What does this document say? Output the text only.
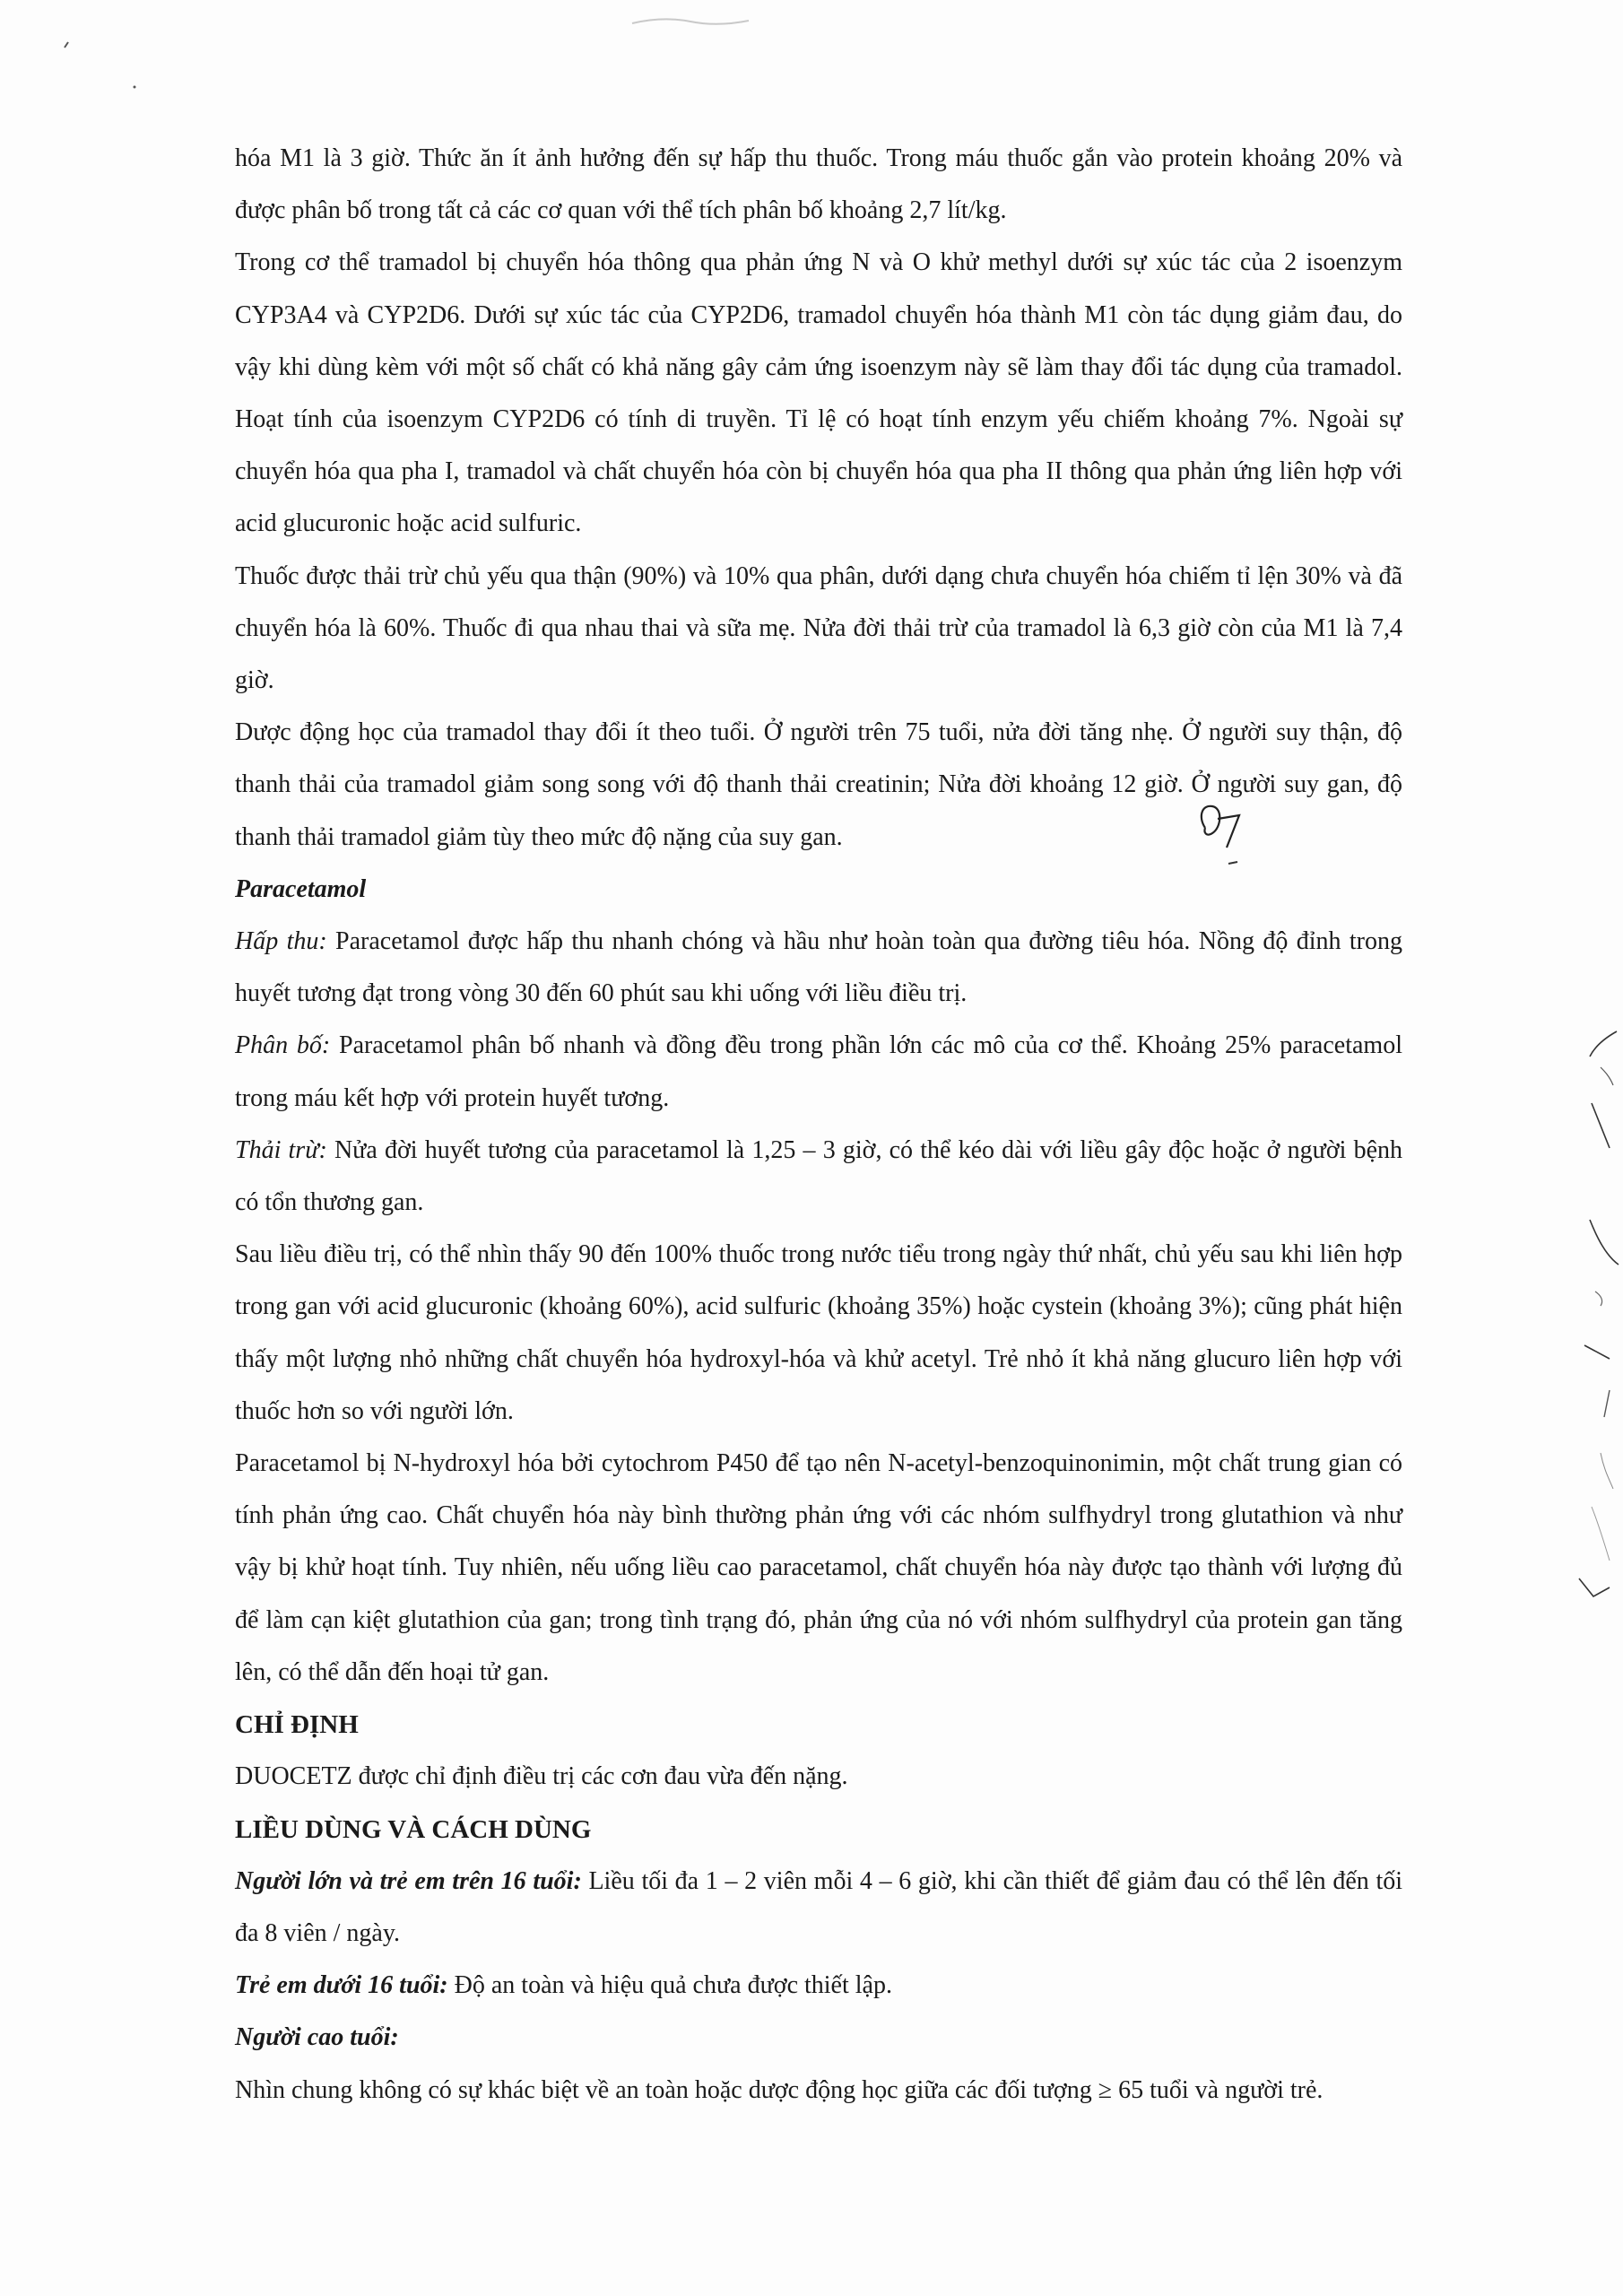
hóa M1 là 3 giờ. Thức ăn ít ảnh hưởng đến sự hấp thu thuốc. Trong máu thuốc gắn vào protein khoảng 20% và được phân bố trong tất cả các cơ quan với thể tích phân bố khoảng 2,7 lít/kg.

Trong cơ thể tramadol bị chuyển hóa thông qua phản ứng N và O khử methyl dưới sự xúc tác của 2 isoenzym CYP3A4 và CYP2D6. Dưới sự xúc tác của CYP2D6, tramadol chuyển hóa thành M1 còn tác dụng giảm đau, do vậy khi dùng kèm với một số chất có khả năng gây cảm ứng isoenzym này sẽ làm thay đổi tác dụng của tramadol. Hoạt tính của isoenzym CYP2D6 có tính di truyền. Tỉ lệ có hoạt tính enzym yếu chiếm khoảng 7%. Ngoài sự chuyển hóa qua pha I, tramadol và chất chuyển hóa còn bị chuyển hóa qua pha II thông qua phản ứng liên hợp với acid glucuronic hoặc acid sulfuric.

Thuốc được thải trừ chủ yếu qua thận (90%) và 10% qua phân, dưới dạng chưa chuyển hóa chiếm tỉ lện 30% và đã chuyển hóa là 60%. Thuốc đi qua nhau thai và sữa mẹ. Nửa đời thải trừ của tramadol là 6,3 giờ còn của M1 là 7,4 giờ.

Dược động học của tramadol thay đổi ít theo tuổi. Ở người trên 75 tuổi, nửa đời tăng nhẹ. Ở người suy thận, độ thanh thải của tramadol giảm song song với độ thanh thải creatinin; Nửa đời khoảng 12 giờ. Ở người suy gan, độ thanh thải tramadol giảm tùy theo mức độ nặng của suy gan.

Paracetamol

Hấp thu: Paracetamol được hấp thu nhanh chóng và hầu như hoàn toàn qua đường tiêu hóa. Nồng độ đỉnh trong huyết tương đạt trong vòng 30 đến 60 phút sau khi uống với liều điều trị.

Phân bố: Paracetamol phân bố nhanh và đồng đều trong phần lớn các mô của cơ thể. Khoảng 25% paracetamol trong máu kết hợp với protein huyết tương.

Thải trừ: Nửa đời huyết tương của paracetamol là 1,25 – 3 giờ, có thể kéo dài với liều gây độc hoặc ở người bệnh có tổn thương gan.

Sau liều điều trị, có thể nhìn thấy 90 đến 100% thuốc trong nước tiểu trong ngày thứ nhất, chủ yếu sau khi liên hợp trong gan với acid glucuronic (khoảng 60%), acid sulfuric (khoảng 35%) hoặc cystein (khoảng 3%); cũng phát hiện thấy một lượng nhỏ những chất chuyển hóa hydroxyl-hóa và khử acetyl. Trẻ nhỏ ít khả năng glucuro liên hợp với thuốc hơn so với người lớn.

Paracetamol bị N-hydroxyl hóa bởi cytochrom P450 để tạo nên N-acetyl-benzoquinonimin, một chất trung gian có tính phản ứng cao. Chất chuyển hóa này bình thường phản ứng với các nhóm sulfhydryl trong glutathion và như vậy bị khử hoạt tính. Tuy nhiên, nếu uống liều cao paracetamol, chất chuyển hóa này được tạo thành với lượng đủ để làm cạn kiệt glutathion của gan; trong tình trạng đó, phản ứng của nó với nhóm sulfhydryl của protein gan tăng lên, có thể dẫn đến hoại tử gan.

CHỈ ĐỊNH

DUOCETZ được chỉ định điều trị các cơn đau vừa đến nặng.

LIỀU DÙNG VÀ CÁCH DÙNG

Người lớn và trẻ em trên 16 tuổi: Liều tối đa 1 – 2 viên mỗi 4 – 6 giờ, khi cần thiết để giảm đau có thể lên đến tối đa 8 viên / ngày.

Trẻ em dưới 16 tuổi: Độ an toàn và hiệu quả chưa được thiết lập.

Người cao tuổi:

Nhìn chung không có sự khác biệt về an toàn hoặc dược động học giữa các đối tượng ≥ 65 tuổi và người trẻ.
